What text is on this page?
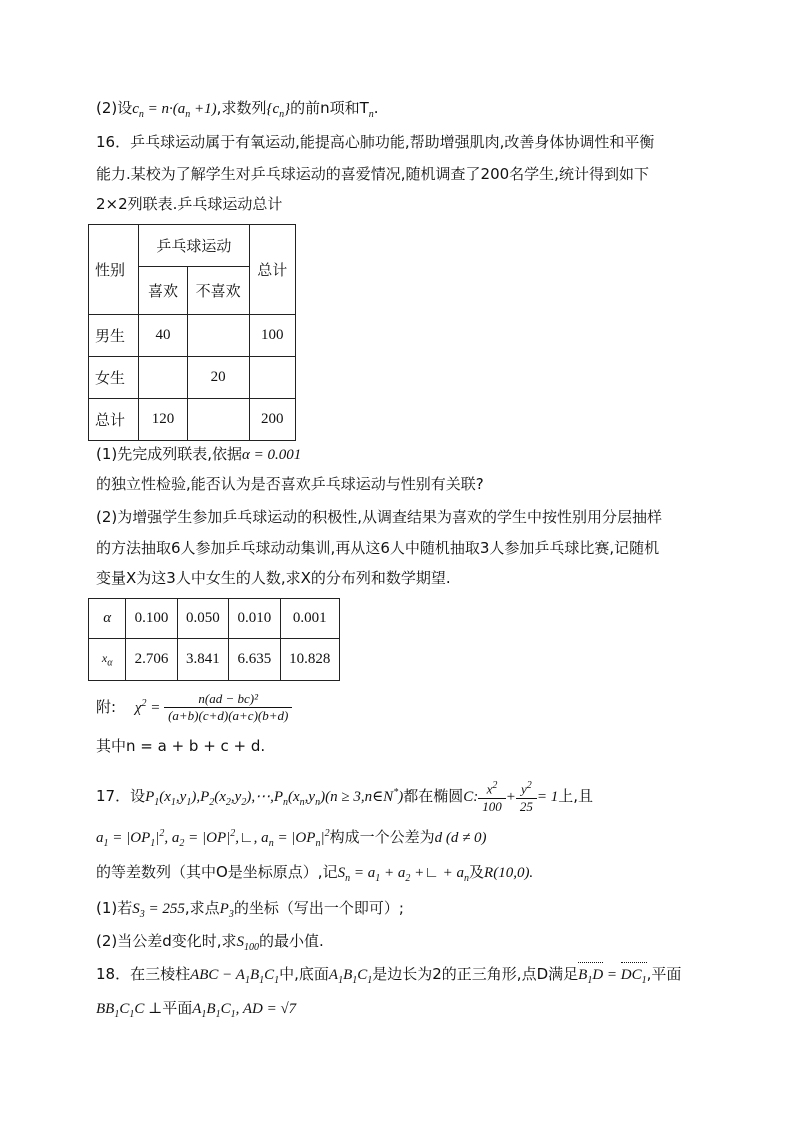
(2)设$c_n = n\cdot(a_n +1)$,求数列$\{c_n\}$的前n项和$T_n$.
16．乒乓球运动属于有氧运动,能提高心肺功能,帮助增强肌肉,改善身体协调性和平衡
能力.某校为了解学生对乒乓球运动的喜爱情况,随机调查了200名学生,统计得到如下
2×2列联表.乒乓球运动总计
性别	乒乓球运动		总计
	喜欢	不喜欢	
男生	40		100
女生		20	
总计	120		200
(1)先完成列联表,依据α = 0.001
的独立性检验,能否认为是否喜欢乒乓球运动与性别有关联?
(2)为增强学生参加乒乓球运动的积极性,从调查结果为喜欢的学生中按性别用分层抽样
的方法抽取6人参加乒乓球动动集训,再从这6人中随机抽取3人参加乒乓球比赛,记随机
变量X为这3人中女生的人数,求X的分布列和数学期望.
α	0.100	0.050	0.010	0.001
$x_\alpha$	2.706	3.841	6.635	10.828
附: $\chi^2 = \frac{\text{n(ad − bc)²}}{(a+b)(c+d)(a+c)(b+d)}$
其中n = a + b + c + d.
17．设$P_1(x_1,y_1),P_2(x_2,y_2),\cdots,P_n(x_n,y_n)(n$ ≥ 3,n∈N*)都在椭圆C: $\frac{x^2}{100} + \frac{y^2}{25} = 1$上,且
$a_1 = |OP_1|^2$, $a_2$ = $|OP|^2,∟$, $a_n = |OP_n|^2$构成一个公差为d (d ≠ 0)
的等差数列（其中O是坐标原点）,记$S_n = a_1 + a_2$ +∟ + $a_n$及R(10,0).
(1)若$S_3 = 255$,求点$P_3$的坐标（写出一个即可）;
(2)当公差d变化时,求$S_{100}$的最小值.
18．在三棱柱ABC − $A_1B_1C_1$中,底面$A_1B_1C_1$是边长为2的正三角形,点D满足$B_1D = DC_1$,平面
$BB_1C_1C$ ⊥平面$A_1B_1C_1$, AD = √7
